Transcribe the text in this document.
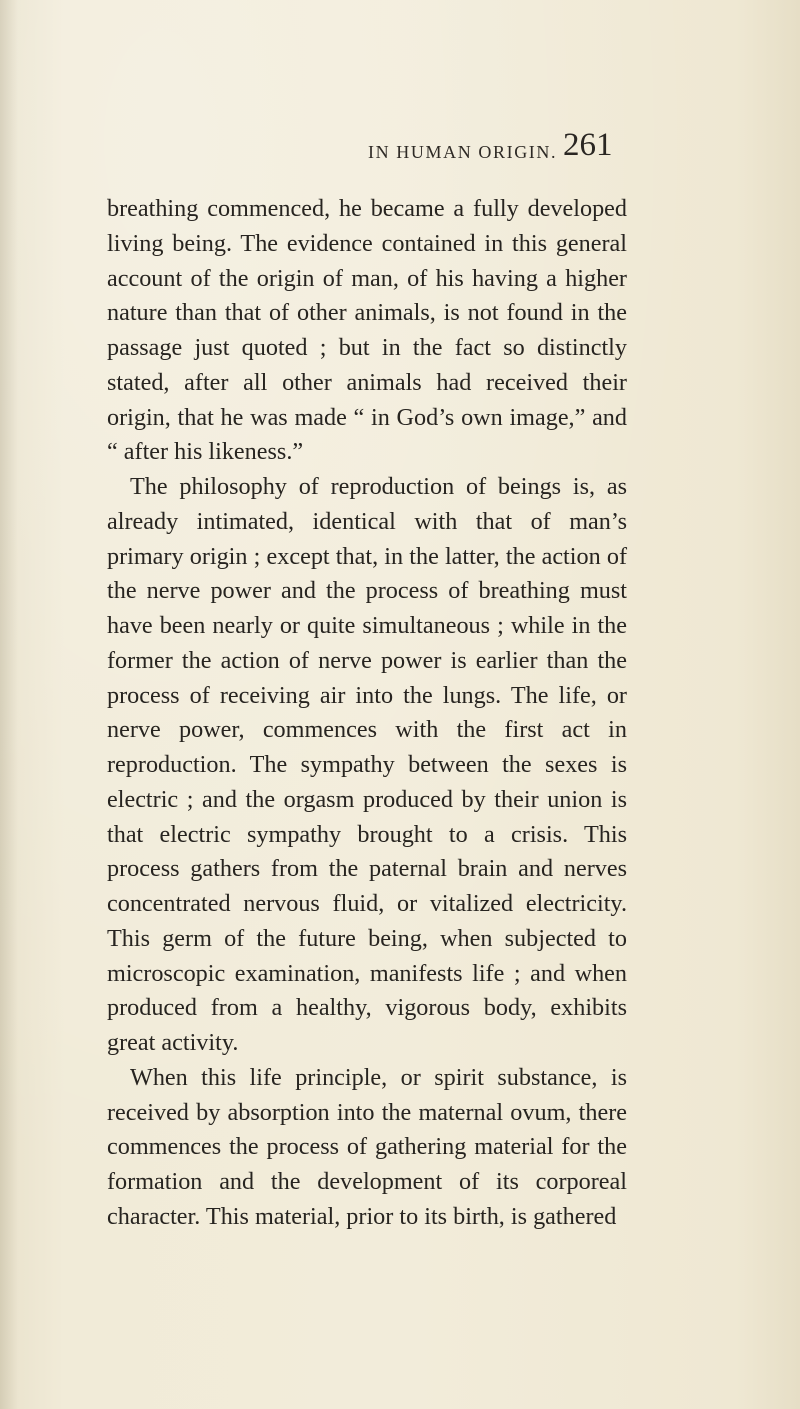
IN HUMAN ORIGIN. 261

breathing commenced, he became a fully developed living being. The evidence contained in this general account of the origin of man, of his having a higher nature than that of other animals, is not found in the passage just quoted ; but in the fact so distinctly stated, after all other animals had received their origin, that he was made “ in God’s own image,” and “ after his likeness.”

The philosophy of reproduction of beings is, as already intimated, identical with that of man’s primary origin ; except that, in the latter, the action of the nerve power and the process of breathing must have been nearly or quite simultaneous ; while in the former the action of nerve power is earlier than the process of receiving air into the lungs. The life, or nerve power, commences with the first act in reproduction. The sympathy between the sexes is electric ; and the orgasm produced by their union is that electric sympathy brought to a crisis. This process gathers from the paternal brain and nerves concentrated nervous fluid, or vitalized electricity. This germ of the future being, when subjected to microscopic examination, manifests life ; and when produced from a healthy, vigorous body, exhibits great activity.

When this life principle, or spirit substance, is received by absorption into the maternal ovum, there commences the process of gathering material for the formation and the development of its corporeal character. This material, prior to its birth, is gathered
